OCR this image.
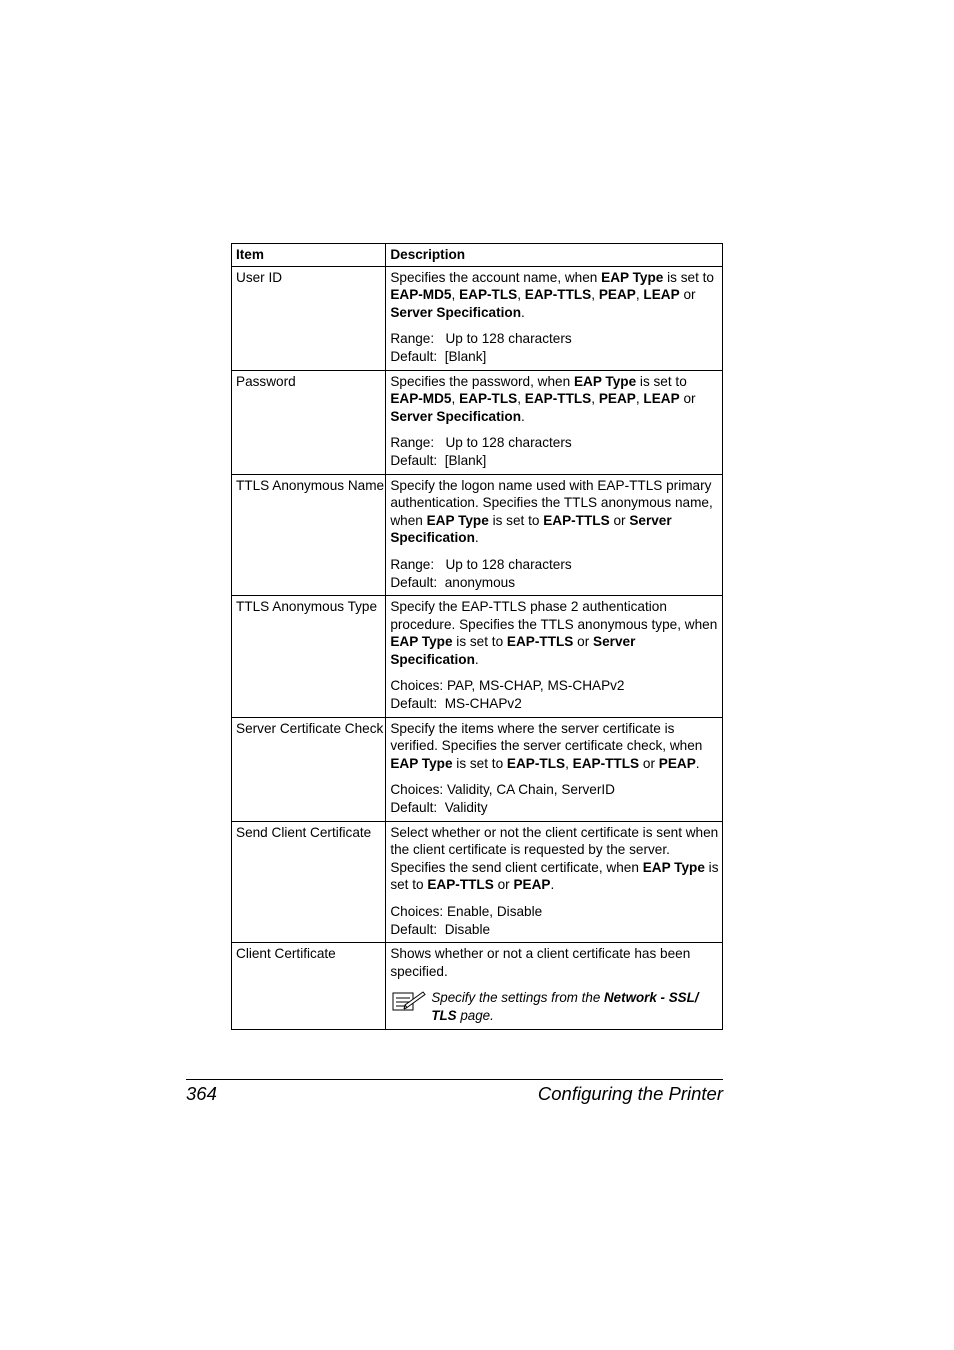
Item	Description
User ID	Specifies the account name, when EAP Type is set to EAP-MD5, EAP-TLS, EAP-TTLS, PEAP, LEAP or Server Specification.

Range:   Up to 128 characters
Default:  [Blank]

Password	Specifies the password, when EAP Type is set to EAP-MD5, EAP-TLS, EAP-TTLS, PEAP, LEAP or Server Specification.

Range:   Up to 128 characters
Default:  [Blank]

TTLS Anonymous Name	Specify the logon name used with EAP-TTLS primary authentication. Specifies the TTLS anonymous name, when EAP Type is set to EAP-TTLS or Server Specification.

Range:   Up to 128 characters
Default:  anonymous

TTLS Anonymous Type	Specify the EAP-TTLS phase 2 authentication procedure. Specifies the TTLS anonymous type, when EAP Type is set to EAP-TTLS or Server Specification.

Choices: PAP, MS-CHAP, MS-CHAPv2
Default:  MS-CHAPv2

Server Certificate Check	Specify the items where the server certificate is verified. Specifies the server certificate check, when EAP Type is set to EAP-TLS, EAP-TTLS or PEAP.

Choices: Validity, CA Chain, ServerID
Default:  Validity

Send Client Certificate	Select whether or not the client certificate is sent when the client certificate is requested by the server. Specifies the send client certificate, when EAP Type is set to EAP-TTLS or PEAP.

Choices: Enable, Disable
Default:  Disable

Client Certificate	Shows whether or not a client certificate has been specified.

Specify the settings from the Network - SSL/ TLS page.
364	Configuring the Printer
